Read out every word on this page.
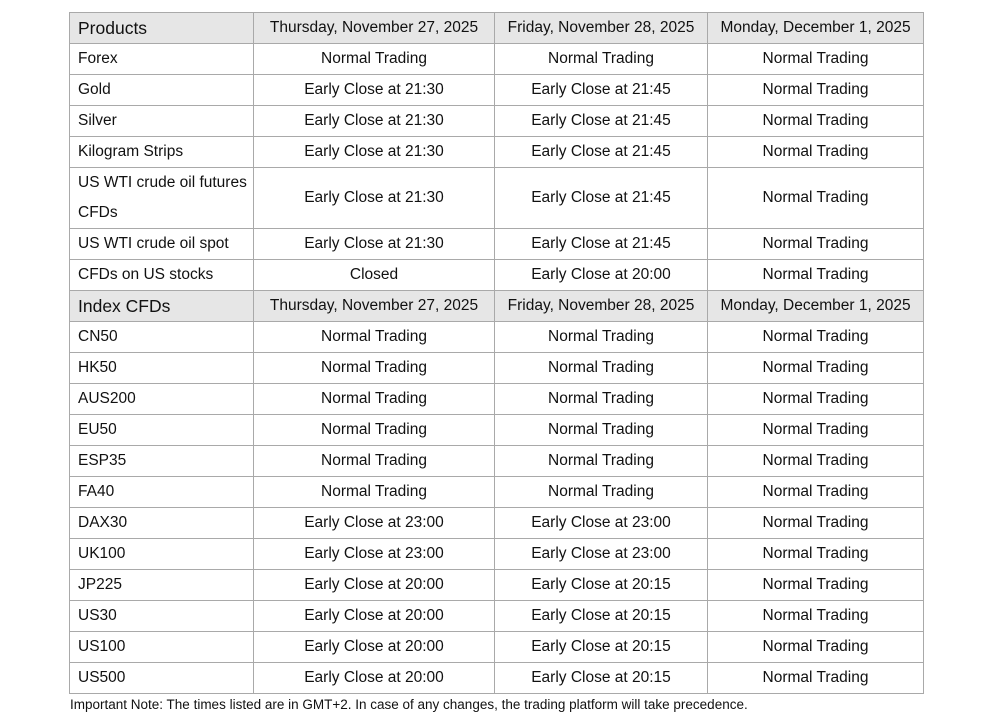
Products	Thursday, November 27, 2025	Friday, November 28, 2025	Monday, December 1, 2025
Forex	Normal Trading	Normal Trading	Normal Trading
Gold	Early Close at 21:30	Early Close at 21:45	Normal Trading
Silver	Early Close at 21:30	Early Close at 21:45	Normal Trading
Kilogram Strips	Early Close at 21:30	Early Close at 21:45	Normal Trading
US WTI crude oil futures CFDs	Early Close at 21:30	Early Close at 21:45	Normal Trading
US WTI crude oil spot	Early Close at 21:30	Early Close at 21:45	Normal Trading
CFDs on US stocks	Closed	Early Close at 20:00	Normal Trading
Index CFDs	Thursday, November 27, 2025	Friday, November 28, 2025	Monday, December 1, 2025
CN50	Normal Trading	Normal Trading	Normal Trading
HK50	Normal Trading	Normal Trading	Normal Trading
AUS200	Normal Trading	Normal Trading	Normal Trading
EU50	Normal Trading	Normal Trading	Normal Trading
ESP35	Normal Trading	Normal Trading	Normal Trading
FA40	Normal Trading	Normal Trading	Normal Trading
DAX30	Early Close at 23:00	Early Close at 23:00	Normal Trading
UK100	Early Close at 23:00	Early Close at 23:00	Normal Trading
JP225	Early Close at 20:00	Early Close at 20:15	Normal Trading
US30	Early Close at 20:00	Early Close at 20:15	Normal Trading
US100	Early Close at 20:00	Early Close at 20:15	Normal Trading
US500	Early Close at 20:00	Early Close at 20:15	Normal Trading
Important Note: The times listed are in GMT+2. In case of any changes, the trading platform will take precedence.
